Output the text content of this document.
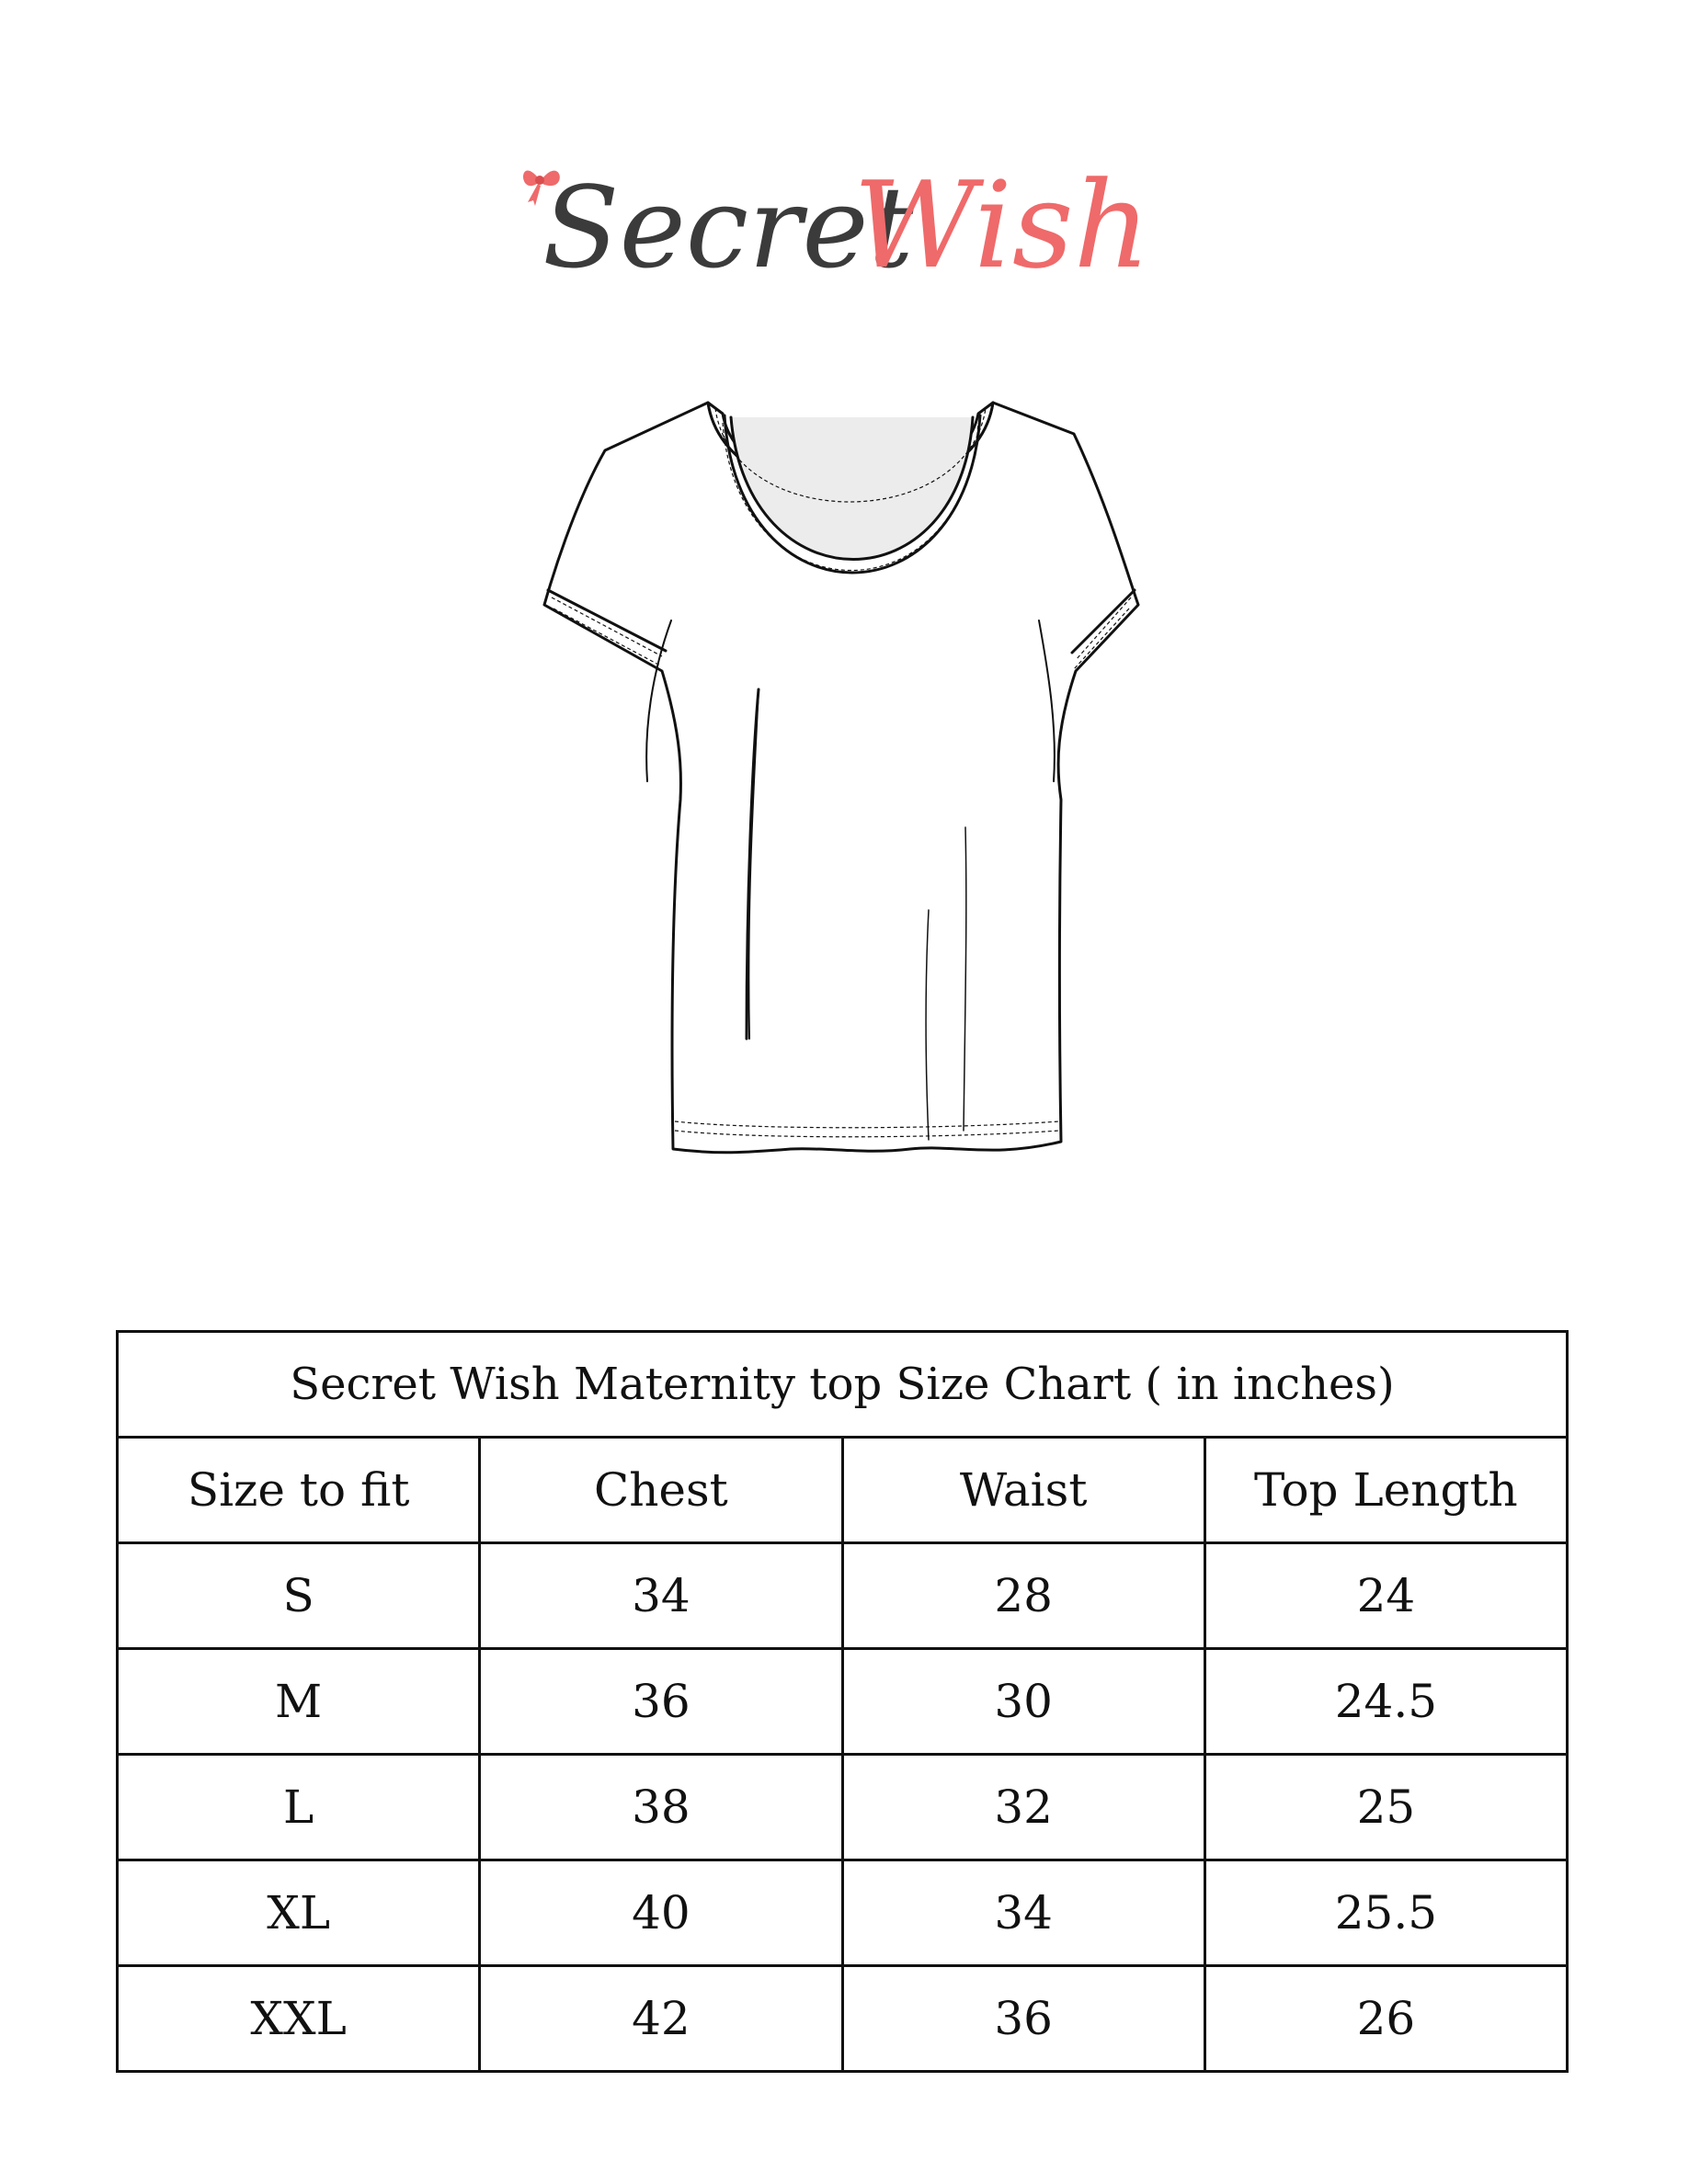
Secret
Wish
Secret Wish Maternity top Size Chart ( in inches)			
Size to fit	Chest	Waist	Top Length
S	34	28	24
M	36	30	24.5
L	38	32	25
XL	40	34	25.5
XXL	42	36	26
